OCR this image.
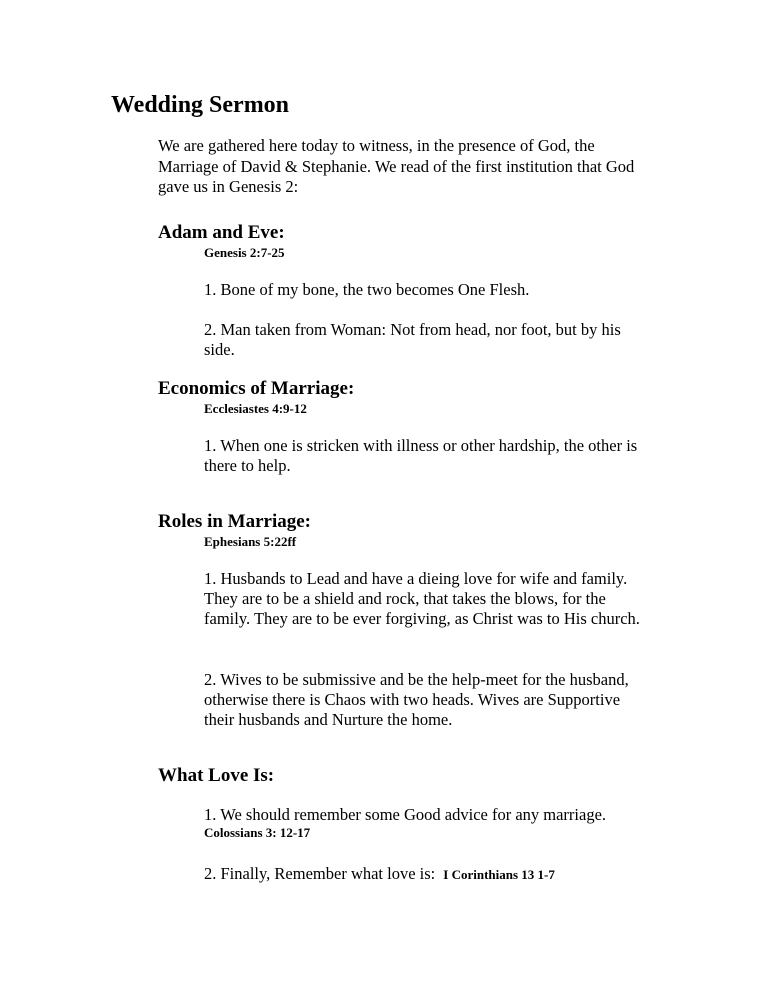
Wedding Sermon

We are gathered here today to witness, in the presence of God, the Marriage of David & Stephanie. We read of the first institution that God gave us in Genesis 2:

Adam and Eve:
Genesis 2:7-25

1. Bone of my bone, the two becomes One Flesh.

2. Man taken from Woman: Not from head, nor foot, but by his side.

Economics of Marriage:
Ecclesiastes 4:9-12

1. When one is stricken with illness or other hardship, the other is there to help.

Roles in Marriage:
Ephesians 5:22ff

1. Husbands to Lead and have a dieing love for wife and family. They are to be a shield and rock, that takes the blows, for the family. They are to be ever forgiving, as Christ was to His church.

2. Wives to be submissive and be the help-meet for the husband, otherwise there is Chaos with two heads. Wives are Supportive their husbands and Nurture the home.

What Love Is:

1. We should remember some Good advice for any marriage.

Colossians 3: 12-17

2. Finally, Remember what love is: I Corinthians 13 1-7
